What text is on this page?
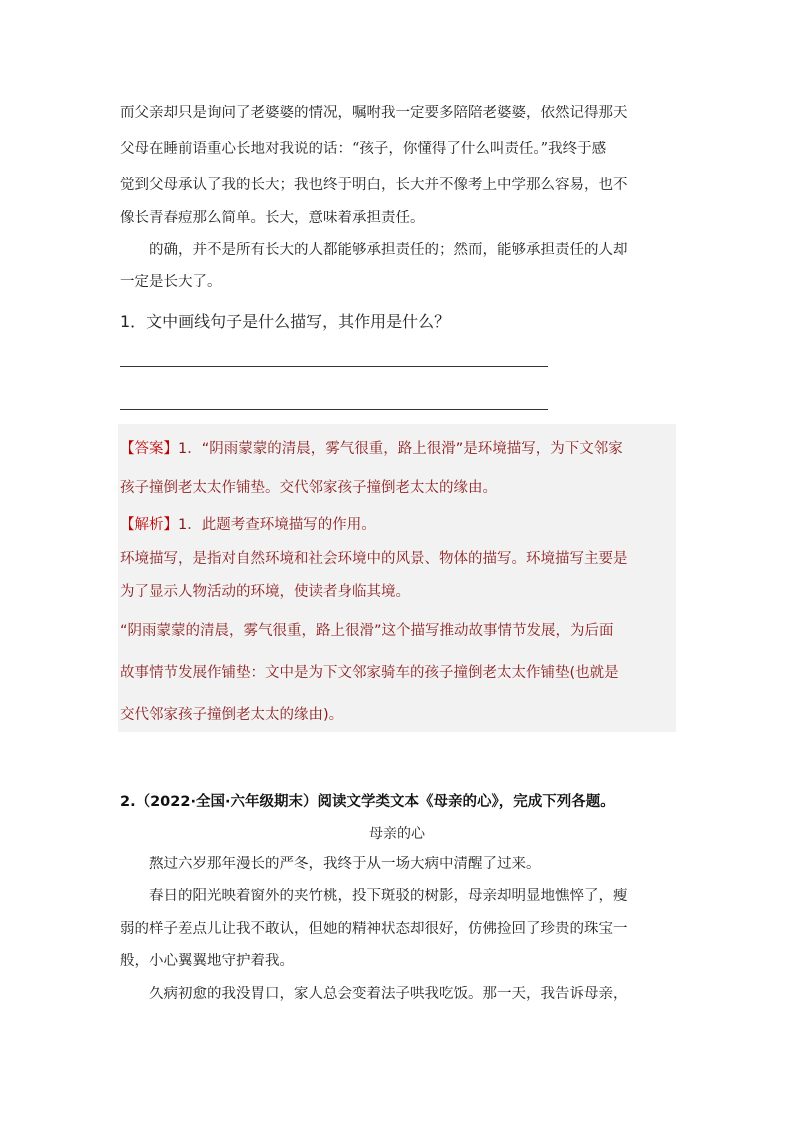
而父亲却只是询问了老婆婆的情况，嘱咐我一定要多陪陪老婆婆，依然记得那天
父母在睡前语重心长地对我说的话：“孩子，你懂得了什么叫责任。”我终于感
觉到父母承认了我的长大；我也终于明白，长大并不像考上中学那么容易，也不
像长青春痘那么简单。长大，意味着承担责任。
　　的确，并不是所有长大的人都能够承担责任的；然而，能够承担责任的人却
一定是长大了。
1．文中画线句子是什么描写，其作用是什么？
【答案】1．“阴雨蒙蒙的清晨，雾气很重，路上很滑”是环境描写，为下文邻家
孩子撞倒老太太作铺垫。交代邻家孩子撞倒老太太的缘由。
【解析】1．此题考查环境描写的作用。
环境描写，是指对自然环境和社会环境中的风景、物体的描写。环境描写主要是
为了显示人物活动的环境，使读者身临其境。
“阴雨蒙蒙的清晨，雾气很重，路上很滑”这个描写推动故事情节发展，为后面
故事情节发展作铺垫：文中是为下文邻家骑车的孩子撞倒老太太作铺垫(也就是
交代邻家孩子撞倒老太太的缘由)。
2.（2022·全国·六年级期末）阅读文学类文本《母亲的心》，完成下列各题。
母亲的心
　　熬过六岁那年漫长的严冬，我终于从一场大病中清醒了过来。
　　春日的阳光映着窗外的夹竹桃，投下斑驳的树影，母亲却明显地憔悴了，瘦
弱的样子差点儿让我不敢认，但她的精神状态却很好，仿佛捡回了珍贵的珠宝一
般，小心翼翼地守护着我。
　　久病初愈的我没胃口，家人总会变着法子哄我吃饭。那一天，我告诉母亲，
